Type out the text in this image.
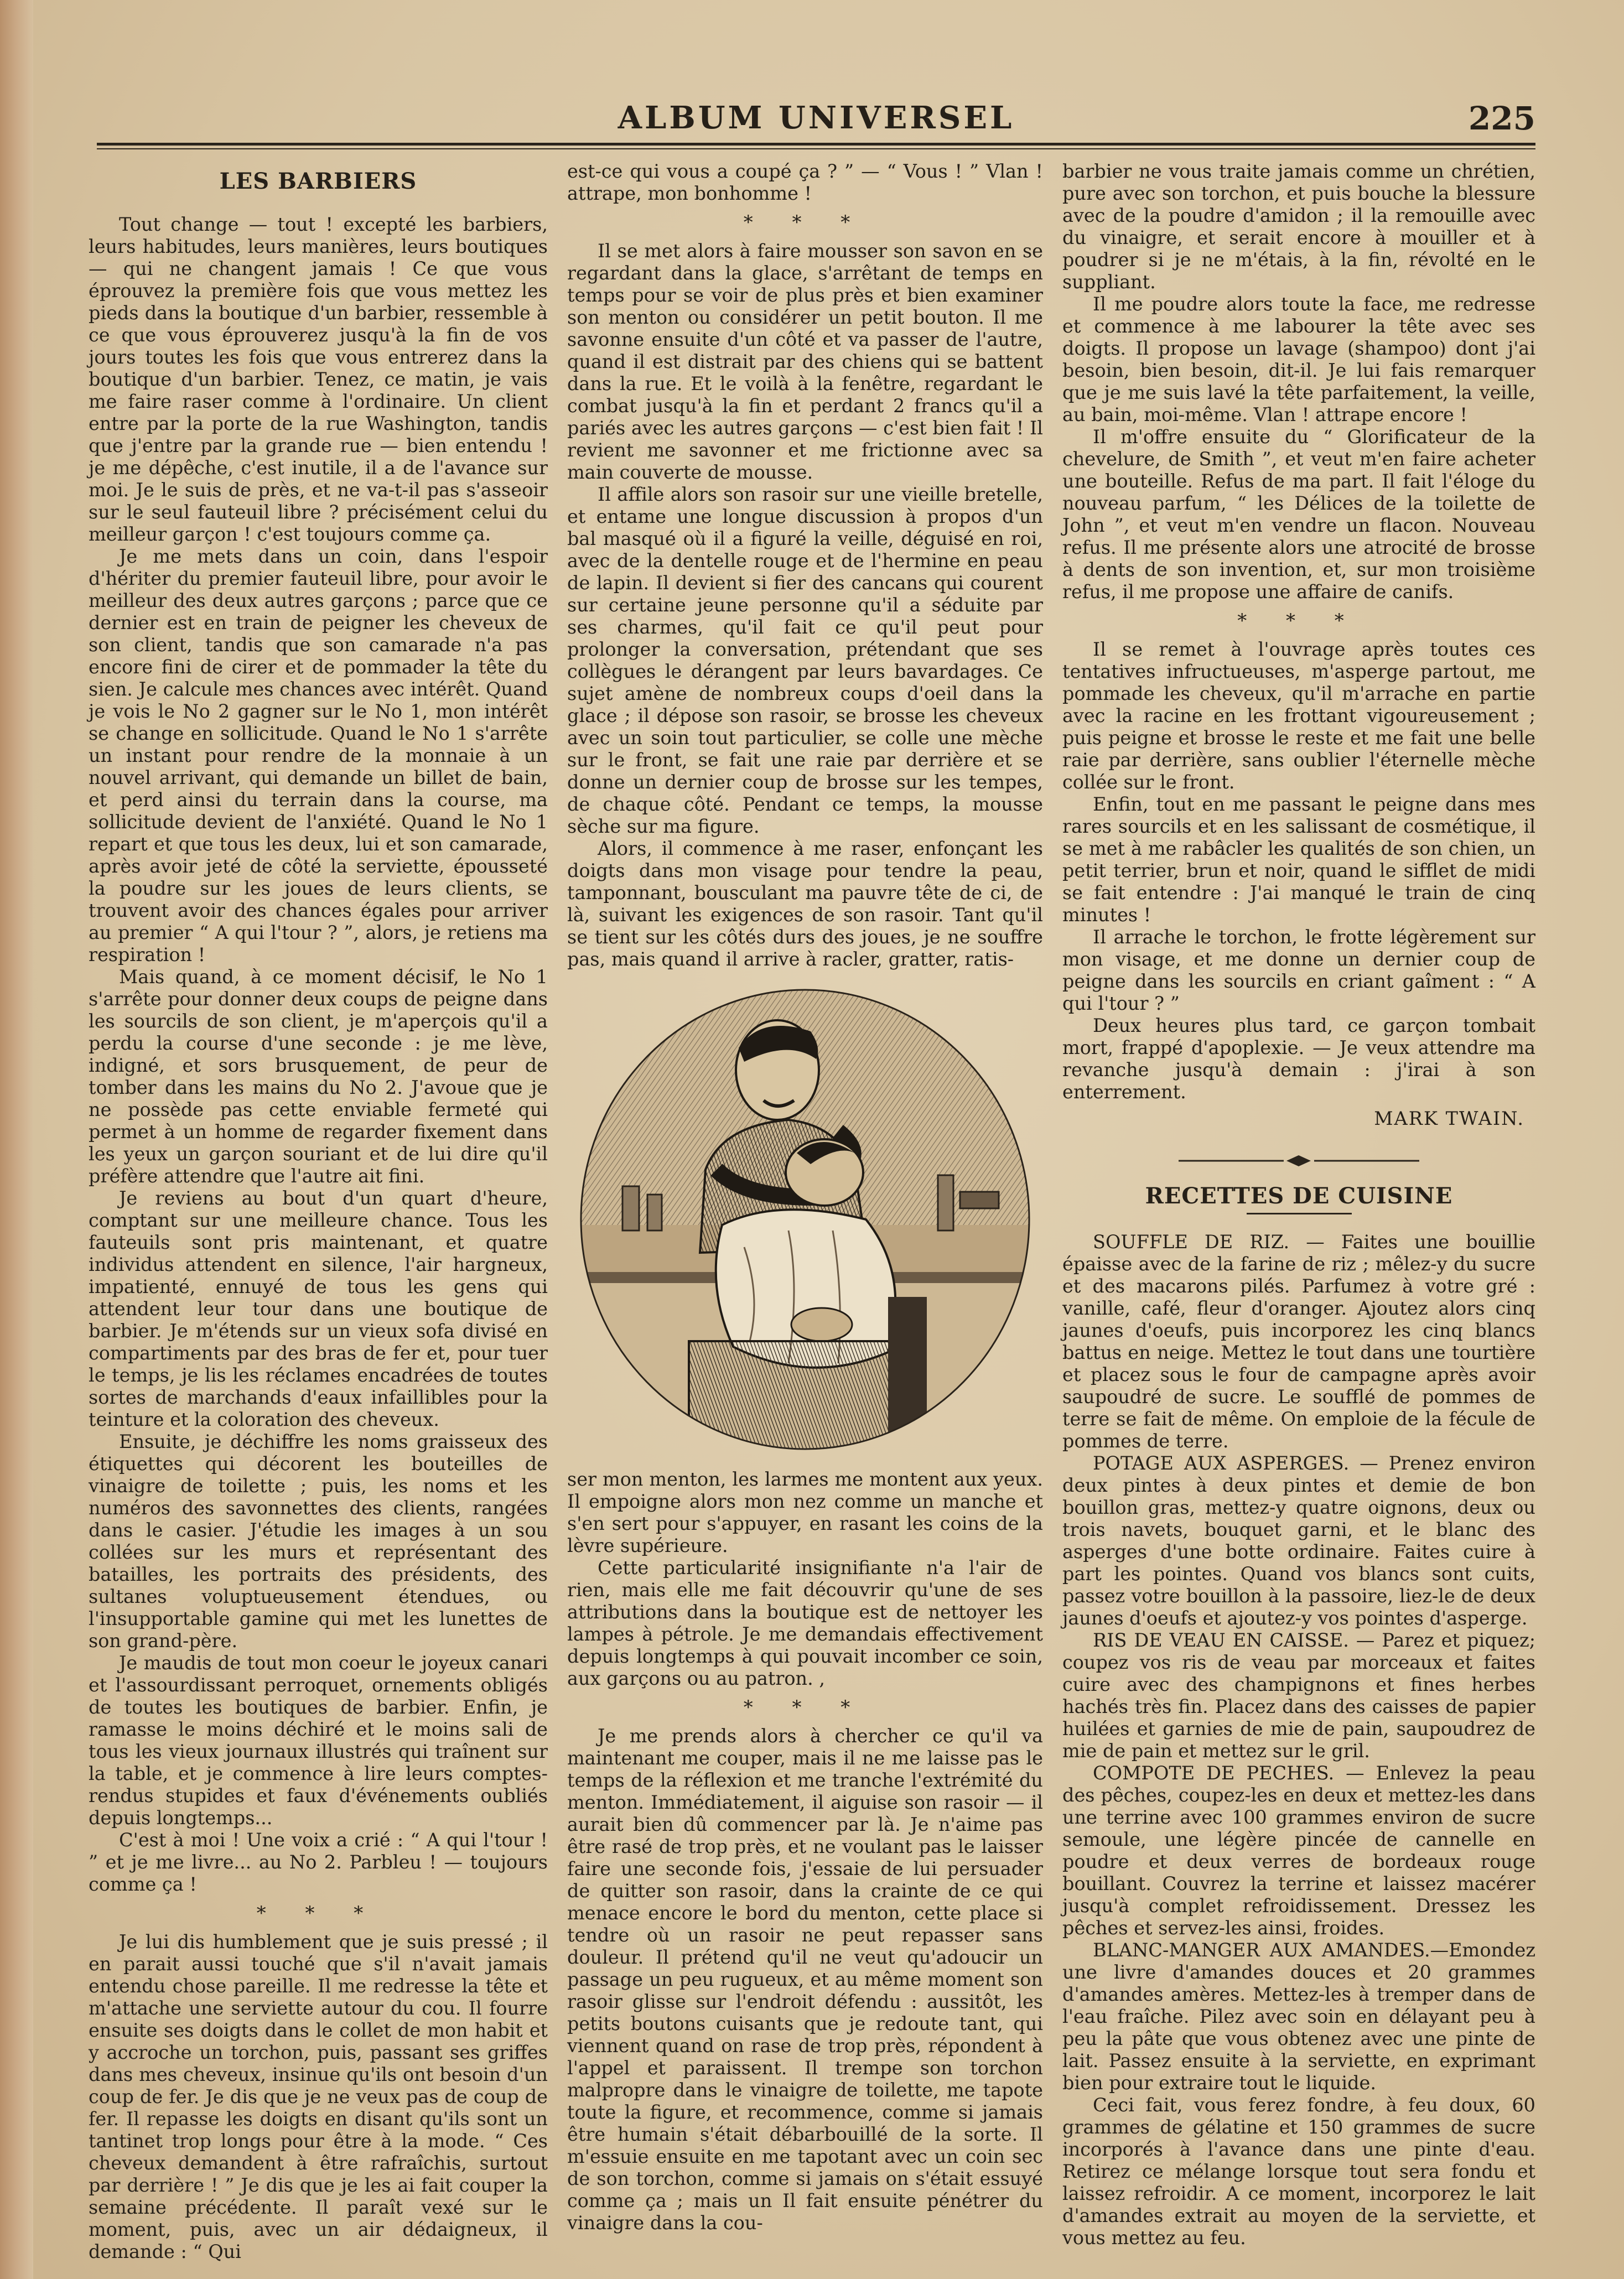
ALBUM UNIVERSEL	225
LES BARBIERS

Tout change — tout ! excepté les barbiers, leurs habitudes, leurs manières, leurs boutiques — qui ne changent jamais ! Ce que vous éprouvez la première fois que vous mettez les pieds dans la boutique d'un barbier, ressemble à ce que vous éprouverez jusqu'à la fin de vos jours toutes les fois que vous entrerez dans la boutique d'un barbier. Tenez, ce matin, je vais me faire raser comme à l'ordinaire. Un client entre par la porte de la rue Washington, tandis que j'entre par la grande rue — bien entendu ! je me dépêche, c'est inutile, il a de l'avance sur moi. Je le suis de près, et ne va-t-il pas s'asseoir sur le seul fauteuil libre ? précisément celui du meilleur garçon ! c'est toujours comme ça.

Je me mets dans un coin, dans l'espoir d'hériter du premier fauteuil libre, pour avoir le meilleur des deux autres garçons ; parce que ce dernier est en train de peigner les cheveux de son client, tandis que son camarade n'a pas encore fini de cirer et de pommader la tête du sien. Je calcule mes chances avec intérêt. Quand je vois le No 2 gagner sur le No 1, mon intérêt se change en sollicitude. Quand le No 1 s'arrête un instant pour rendre de la monnaie à un nouvel arrivant, qui demande un billet de bain, et perd ainsi du terrain dans la course, ma sollicitude devient de l'anxiété. Quand le No 1 repart et que tous les deux, lui et son camarade, après avoir jeté de côté la serviette, épousseté la poudre sur les joues de leurs clients, se trouvent avoir des chances égales pour arriver au premier “ A qui l'tour ? ”, alors, je retiens ma respiration !

Mais quand, à ce moment décisif, le No 1 s'arrête pour donner deux coups de peigne dans les sourcils de son client, je m'aperçois qu'il a perdu la course d'une seconde : je me lève, indigné, et sors brusquement, de peur de tomber dans les mains du No 2. J'avoue que je ne possède pas cette enviable fermeté qui permet à un homme de regarder fixement dans les yeux un garçon souriant et de lui dire qu'il préfère attendre que l'autre ait fini.

Je reviens au bout d'un quart d'heure, comptant sur une meilleure chance. Tous les fauteuils sont pris maintenant, et quatre individus attendent en silence, l'air hargneux, impatienté, ennuyé de tous les gens qui attendent leur tour dans une boutique de barbier. Je m'étends sur un vieux sofa divisé en compartiments par des bras de fer et, pour tuer le temps, je lis les réclames encadrées de toutes sortes de marchands d'eaux infaillibles pour la teinture et la coloration des cheveux.

Ensuite, je déchiffre les noms graisseux des étiquettes qui décorent les bouteilles de vinaigre de toilette ; puis, les noms et les numéros des savonnettes des clients, rangées dans le casier. J'étudie les images à un sou collées sur les murs et représentant des batailles, les portraits des présidents, des sultanes voluptueusement étendues, ou l'insupportable gamine qui met les lunettes de son grand-père.

Je maudis de tout mon coeur le joyeux canari et l'assourdissant perroquet, ornements obligés de toutes les boutiques de barbier. Enfin, je ramasse le moins déchiré et le moins sali de tous les vieux journaux illustrés qui traînent sur la table, et je commence à lire leurs comptes-rendus stupides et faux d'événements oubliés depuis longtemps...

C'est à moi ! Une voix a crié : “ A qui l'tour ! ” et je me livre... au No 2. Parbleu ! — toujours comme ça !

* * *

Je lui dis humblement que je suis pressé ; il en parait aussi touché que s'il n'avait jamais entendu chose pareille. Il me redresse la tête et m'attache une serviette autour du cou. Il fourre ensuite ses doigts dans le collet de mon habit et y accroche un torchon, puis, passant ses griffes dans mes cheveux, insinue qu'ils ont besoin d'un coup de fer. Je dis que je ne veux pas de coup de fer. Il repasse les doigts en disant qu'ils sont un tantinet trop longs pour être à la mode. “ Ces cheveux demandent à être rafraîchis, surtout par derrière ! ” Je dis que je les ai fait couper la semaine précédente. Il paraît vexé sur le moment, puis, avec un air dédaigneux, il demande : “ Qui

est-ce qui vous a coupé ça ? ” — “ Vous ! ” Vlan ! attrape, mon bonhomme !

* * *

Il se met alors à faire mousser son savon en se regardant dans la glace, s'arrêtant de temps en temps pour se voir de plus près et bien examiner son menton ou considérer un petit bouton. Il me savonne ensuite d'un côté et va passer de l'autre, quand il est distrait par des chiens qui se battent dans la rue. Et le voilà à la fenêtre, regardant le combat jusqu'à la fin et perdant 2 francs qu'il a pariés avec les autres garçons — c'est bien fait ! Il revient me savonner et me frictionne avec sa main couverte de mousse.

Il affile alors son rasoir sur une vieille bretelle, et entame une longue discussion à propos d'un bal masqué où il a figuré la veille, déguisé en roi, avec de la dentelle rouge et de l'hermine en peau de lapin. Il devient si fier des cancans qui courent sur certaine jeune personne qu'il a séduite par ses charmes, qu'il fait ce qu'il peut pour prolonger la conversation, prétendant que ses collègues le dérangent par leurs bavardages. Ce sujet amène de nombreux coups d'oeil dans la glace ; il dépose son rasoir, se brosse les cheveux avec un soin tout particulier, se colle une mèche sur le front, se fait une raie par derrière et se donne un dernier coup de brosse sur les tempes, de chaque côté. Pendant ce temps, la mousse sèche sur ma figure.

Alors, il commence à me raser, enfonçant les doigts dans mon visage pour tendre la peau, tamponnant, bousculant ma pauvre tête de ci, de là, suivant les exigences de son rasoir. Tant qu'il se tient sur les côtés durs des joues, je ne souffre pas, mais quand il arrive à racler, gratter, ratis-

ser mon menton, les larmes me montent aux yeux. Il empoigne alors mon nez comme un manche et s'en sert pour s'appuyer, en rasant les coins de la lèvre supérieure.

Cette particularité insignifiante n'a l'air de rien, mais elle me fait découvrir qu'une de ses attributions dans la boutique est de nettoyer les lampes à pétrole. Je me demandais effectivement depuis longtemps à qui pouvait incomber ce soin, aux garçons ou au patron. ,

* * *

Je me prends alors à chercher ce qu'il va maintenant me couper, mais il ne me laisse pas le temps de la réflexion et me tranche l'extrémité du menton. Immédiatement, il aiguise son rasoir — il aurait bien dû commencer par là. Je n'aime pas être rasé de trop près, et ne voulant pas le laisser faire une seconde fois, j'essaie de lui persuader de quitter son rasoir, dans la crainte de ce qui menace encore le bord du menton, cette place si tendre où un rasoir ne peut repasser sans douleur. Il prétend qu'il ne veut qu'adoucir un passage un peu rugueux, et au même moment son rasoir glisse sur l'endroit défendu : aussitôt, les petits boutons cuisants que je redoute tant, qui viennent quand on rase de trop près, répondent à l'appel et paraissent. Il trempe son torchon malpropre dans le vinaigre de toilette, me tapote toute la figure, et recommence, comme si jamais être humain s'était débarbouillé de la sorte. Il m'essuie ensuite en me tapotant avec un coin sec de son torchon, comme si jamais on s'était essuyé comme ça ; mais un Il fait ensuite pénétrer du vinaigre dans la cou-

barbier ne vous traite jamais comme un chrétien, pure avec son torchon, et puis bouche la blessure avec de la poudre d'amidon ; il la remouille avec du vinaigre, et serait encore à mouiller et à poudrer si je ne m'étais, à la fin, révolté en le suppliant.

Il me poudre alors toute la face, me redresse et commence à me labourer la tête avec ses doigts. Il propose un lavage (shampoo) dont j'ai besoin, bien besoin, dit-il. Je lui fais remarquer que je me suis lavé la tête parfaitement, la veille, au bain, moi-même. Vlan ! attrape encore !

Il m'offre ensuite du “ Glorificateur de la chevelure, de Smith ”, et veut m'en faire acheter une bouteille. Refus de ma part. Il fait l'éloge du nouveau parfum, “ les Délices de la toilette de John ”, et veut m'en vendre un flacon. Nouveau refus. Il me présente alors une atrocité de brosse à dents de son invention, et, sur mon troisième refus, il me propose une affaire de canifs.

* * *

Il se remet à l'ouvrage après toutes ces tentatives infructueuses, m'asperge partout, me pommade les cheveux, qu'il m'arrache en partie avec la racine en les frottant vigoureusement ; puis peigne et brosse le reste et me fait une belle raie par derrière, sans oublier l'éternelle mèche collée sur le front.

Enfin, tout en me passant le peigne dans mes rares sourcils et en les salissant de cosmétique, il se met à me rabâcler les qualités de son chien, un petit terrier, brun et noir, quand le sifflet de midi se fait entendre : J'ai manqué le train de cinq minutes !

Il arrache le torchon, le frotte légèrement sur mon visage, et me donne un dernier coup de peigne dans les sourcils en criant gaîment : “ A qui l'tour ? ”

Deux heures plus tard, ce garçon tombait mort, frappé d'apoplexie. — Je veux attendre ma revanche jusqu'à demain : j'irai à son enterrement.

MARK TWAIN.
RECETTES DE CUISINE

SOUFFLE DE RIZ. — Faites une bouillie épaisse avec de la farine de riz ; mêlez-y du sucre et des macarons pilés. Parfumez à votre gré : vanille, café, fleur d'oranger. Ajoutez alors cinq jaunes d'oeufs, puis incorporez les cinq blancs battus en neige. Mettez le tout dans une tourtière et placez sous le four de campagne après avoir saupoudré de sucre. Le soufflé de pommes de terre se fait de même. On emploie de la fécule de pommes de terre.

POTAGE AUX ASPERGES. — Prenez environ deux pintes à deux pintes et demie de bon bouillon gras, mettez-y quatre oignons, deux ou trois navets, bouquet garni, et le blanc des asperges d'une botte ordinaire. Faites cuire à part les pointes. Quand vos blancs sont cuits, passez votre bouillon à la passoire, liez-le de deux jaunes d'oeufs et ajoutez-y vos pointes d'asperge.

RIS DE VEAU EN CAISSE. — Parez et piquez; coupez vos ris de veau par morceaux et faites cuire avec des champignons et fines herbes hachés très fin. Placez dans des caisses de papier huilées et garnies de mie de pain, saupoudrez de mie de pain et mettez sur le gril.

COMPOTE DE PECHES. — Enlevez la peau des pêches, coupez-les en deux et mettez-les dans une terrine avec 100 grammes environ de sucre semoule, une légère pincée de cannelle en poudre et deux verres de bordeaux rouge bouillant. Couvrez la terrine et laissez macérer jusqu'à complet refroidissement. Dressez les pêches et servez-les ainsi, froides.

BLANC-MANGER AUX AMANDES.—Emondez une livre d'amandes douces et 20 grammes d'amandes amères. Mettez-les à tremper dans de l'eau fraîche. Pilez avec soin en délayant peu à peu la pâte que vous obtenez avec une pinte de lait. Passez ensuite à la serviette, en exprimant bien pour extraire tout le liquide.

Ceci fait, vous ferez fondre, à feu doux, 60 grammes de gélatine et 150 grammes de sucre incorporés à l'avance dans une pinte d'eau. Retirez ce mélange lorsque tout sera fondu et laissez refroidir. A ce moment, incorporez le lait d'amandes extrait au moyen de la serviette, et vous mettez au feu.
